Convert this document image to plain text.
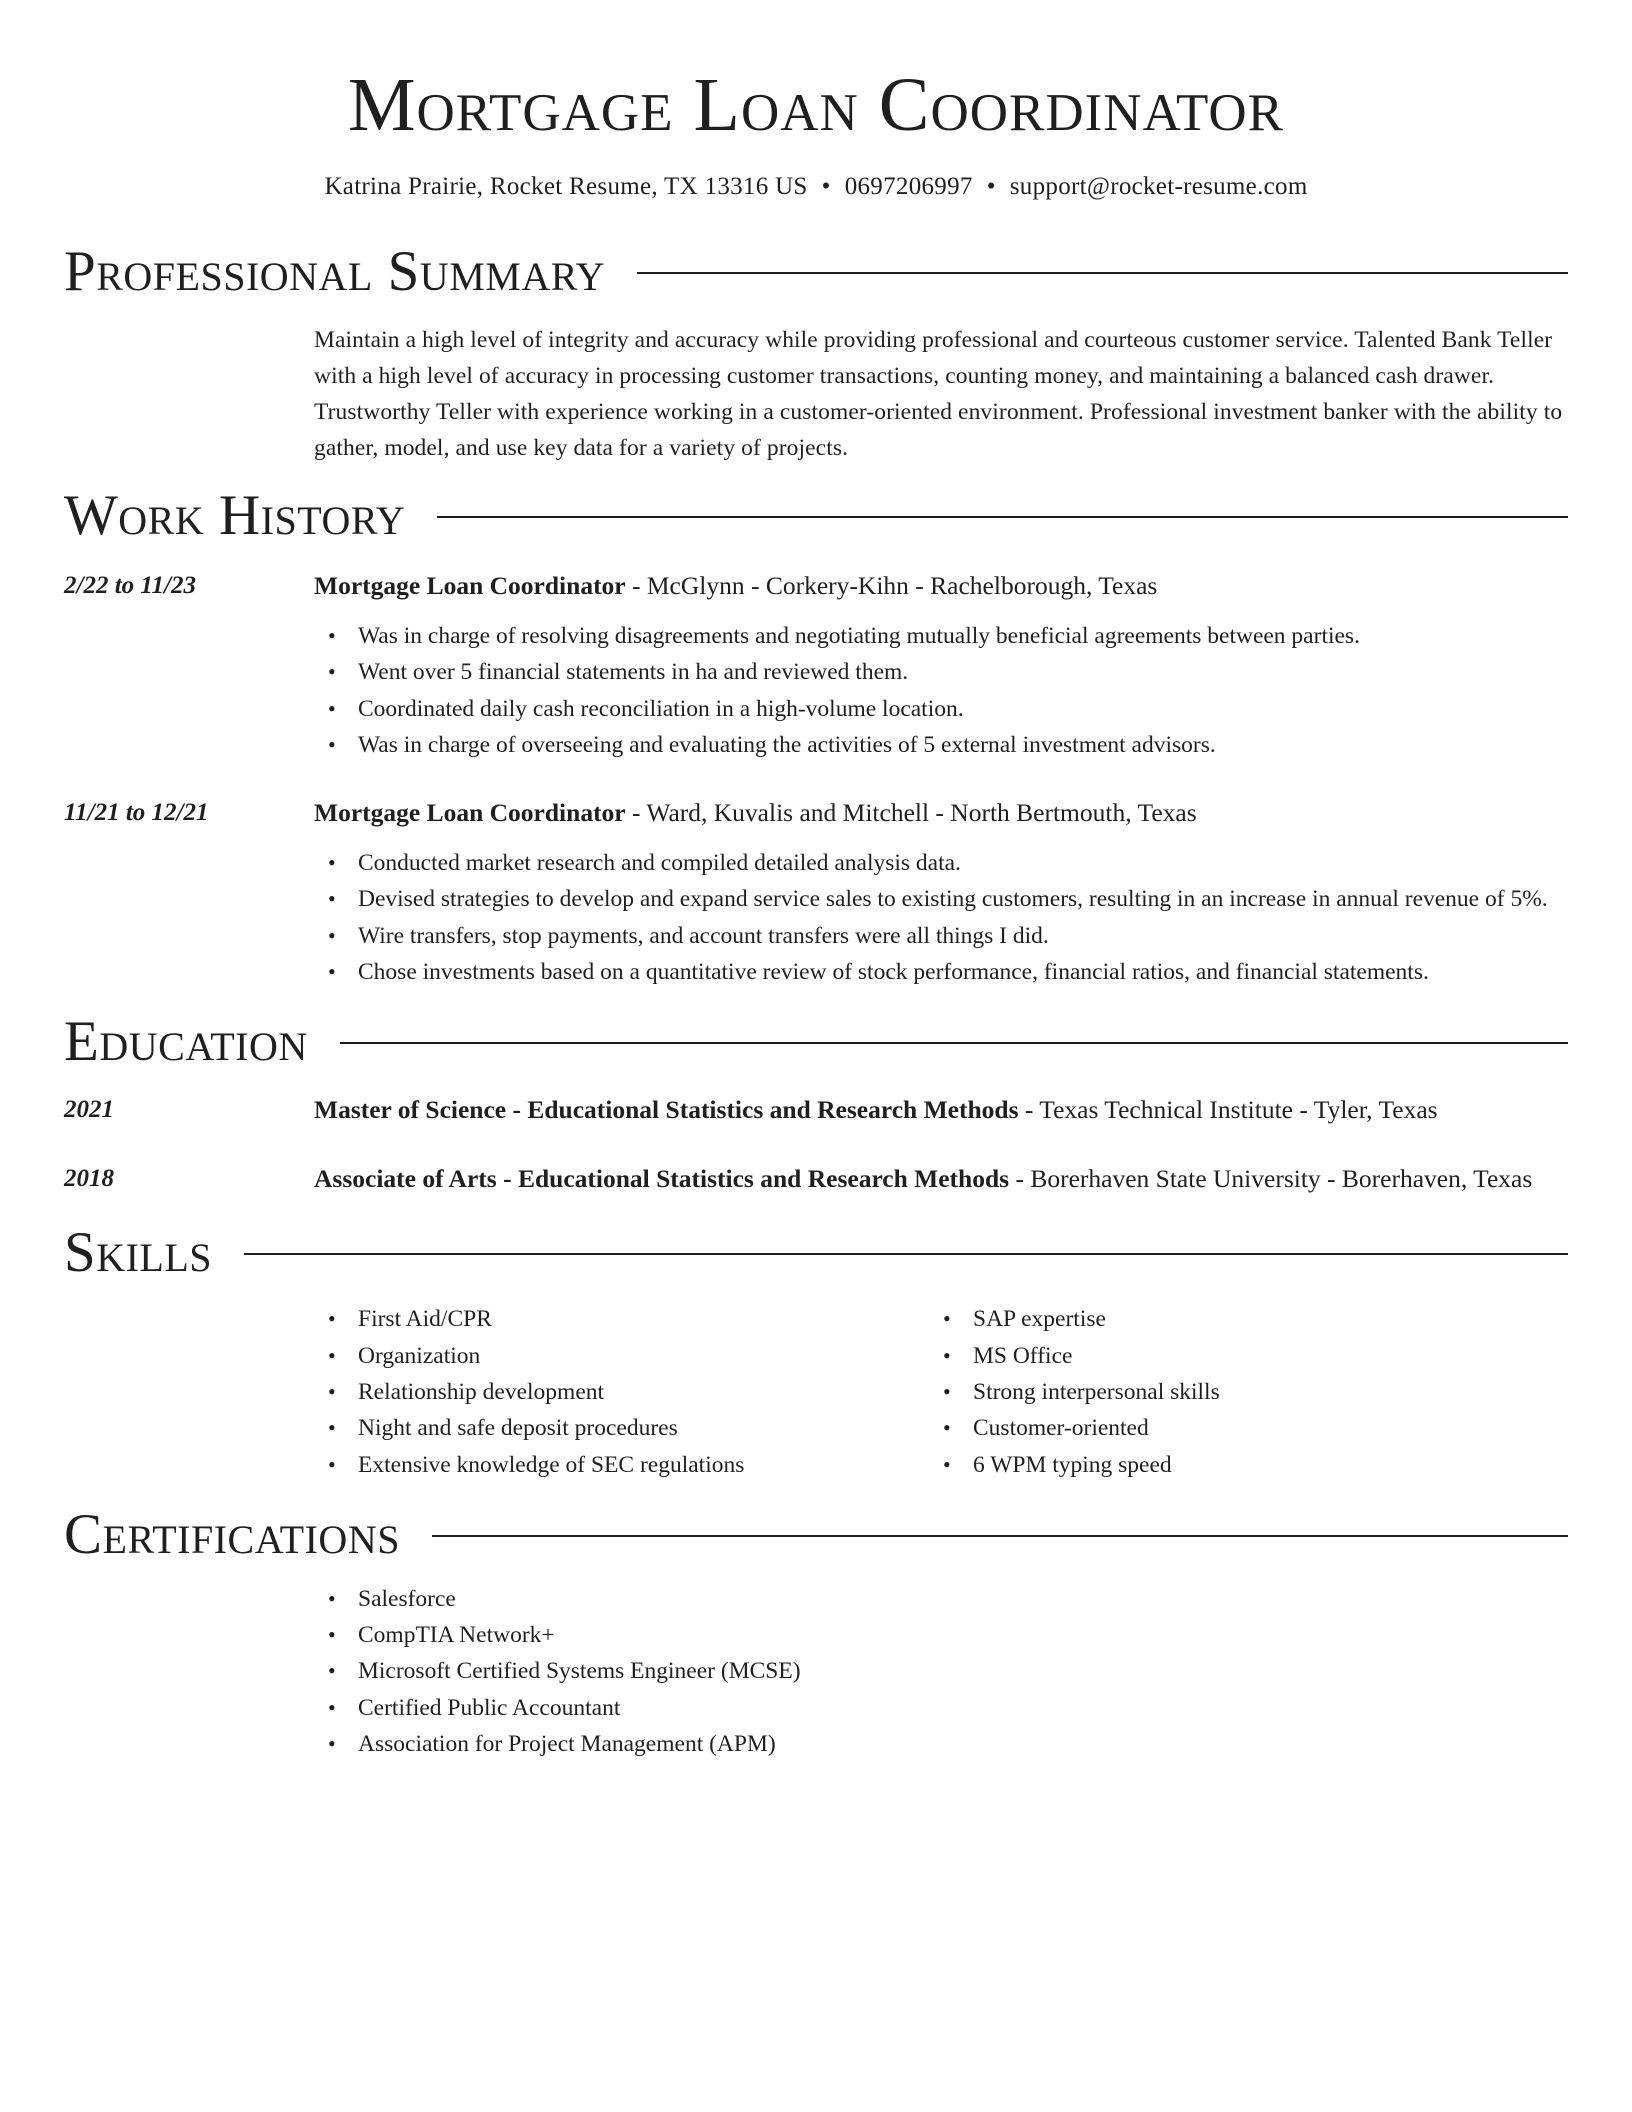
Mortgage Loan Coordinator
Katrina Prairie, Rocket Resume, TX 13316 US • 0697206997 • support@rocket-resume.com
Professional Summary
Maintain a high level of integrity and accuracy while providing professional and courteous customer service. Talented Bank Teller with a high level of accuracy in processing customer transactions, counting money, and maintaining a balanced cash drawer. Trustworthy Teller with experience working in a customer-oriented environment. Professional investment banker with the ability to gather, model, and use key data for a variety of projects.
Work History
2/22 to 11/23	Mortgage Loan Coordinator - McGlynn - Corkery-Kihn - Rachelborough, Texas
• Was in charge of resolving disagreements and negotiating mutually beneficial agreements between parties.
• Went over 5 financial statements in ha and reviewed them.
• Coordinated daily cash reconciliation in a high-volume location.
• Was in charge of overseeing and evaluating the activities of 5 external investment advisors.
11/21 to 12/21	Mortgage Loan Coordinator - Ward, Kuvalis and Mitchell - North Bertmouth, Texas
• Conducted market research and compiled detailed analysis data.
• Devised strategies to develop and expand service sales to existing customers, resulting in an increase in annual revenue of 5%.
• Wire transfers, stop payments, and account transfers were all things I did.
• Chose investments based on a quantitative review of stock performance, financial ratios, and financial statements.
Education
2021	Master of Science - Educational Statistics and Research Methods - Texas Technical Institute - Tyler, Texas
2018	Associate of Arts - Educational Statistics and Research Methods - Borerhaven State University - Borerhaven, Texas
Skills
• First Aid/CPR
• Organization
• Relationship development
• Night and safe deposit procedures
• Extensive knowledge of SEC regulations
• SAP expertise
• MS Office
• Strong interpersonal skills
• Customer-oriented
• 6 WPM typing speed
Certifications
• Salesforce
• CompTIA Network+
• Microsoft Certified Systems Engineer (MCSE)
• Certified Public Accountant
• Association for Project Management (APM)
